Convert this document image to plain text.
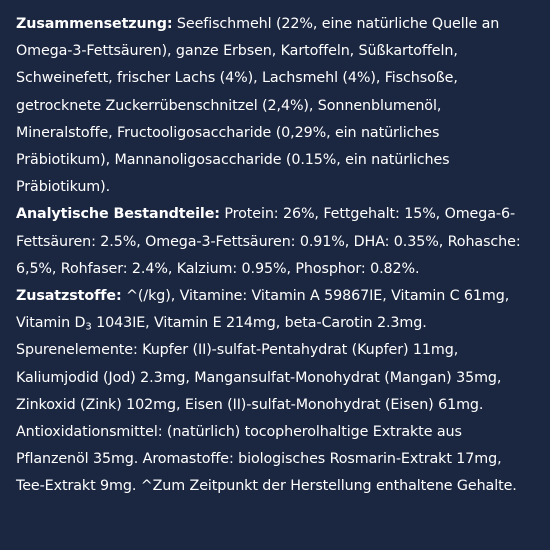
Zusammensetzung: Seefischmehl (22%, eine natürliche Quelle an Omega-3-Fettsäuren), ganze Erbsen, Kartoffeln, Süßkartoffeln, Schweinefett, frischer Lachs (4%), Lachsmehl (4%), Fischsoße, getrocknete Zuckerrübenschnitzel (2,4%), Sonnenblumenöl, Mineralstoffe, Fructooligosaccharide (0,29%, ein natürliches Präbiotikum), Mannanoligosaccharide (0.15%, ein natürliches Präbiotikum).

Analytische Bestandteile: Protein: 26%, Fettgehalt: 15%, Omega-6-Fettsäuren: 2.5%, Omega-3-Fettsäuren: 0.91%, DHA: 0.35%, Rohasche: 6,5%, Rohfaser: 2.4%, Kalzium: 0.95%, Phosphor: 0.82%.

Zusatzstoffe: ^(/kg), Vitamine: Vitamin A 59867IE, Vitamin C 61mg, Vitamin $D_3$ 1043IE, Vitamin E 214mg, beta-Carotin 2.3mg. Spurenelemente: Kupfer (II)-sulfat-Pentahydrat (Kupfer) 11mg, Kaliumjodid (Jod) 2.3mg, Mangansulfat-Monohydrat (Mangan) 35mg, Zinkoxid (Zink) 102mg, Eisen (II)-sulfat-Monohydrat (Eisen) 61mg. Antioxidationsmittel: (natürlich) tocopherolhaltige Extrakte aus Pflanzenöl 35mg. Aromastoffe: biologisches Rosmarin-Extrakt 17mg, Tee-Extrakt 9mg. ^Zum Zeitpunkt der Herstellung enthaltene Gehalte.
